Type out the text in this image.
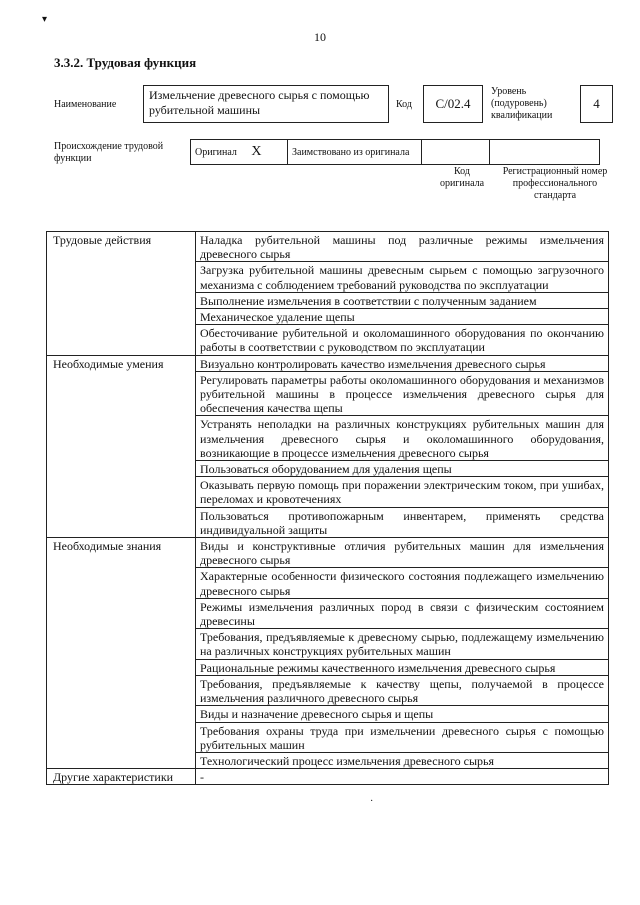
▾
10
3.3.2. Трудовая функция
Наименование
Измельчение древесного сырья с помощью рубительной машины	Код	С/02.4
Уровень (подуровень) квалификации
4
Происхождение трудовой функции
Оригинал X	Заимствовано из оригинала		
Код оригинала
Регистрационный номер профессионального стандарта
Трудовые действия	Наладка рубительной машины под различные режимы измельчения древесного сырья
	Загрузка рубительной машины древесным сырьем с помощью загрузочного механизма с соблюдением требований руководства по эксплуатации
	Выполнение измельчения в соответствии с полученным заданием
	Механическое удаление щепы
	Обесточивание рубительной и околомашинного оборудования по окончанию работы в соответствии с руководством по эксплуатации
Необходимые умения	Визуально контролировать качество измельчения древесного сырья
	Регулировать параметры работы околомашинного оборудования и механизмов рубительной машины в процессе измельчения древесного сырья для обеспечения качества щепы
	Устранять неполадки на различных конструкциях рубительных машин для измельчения древесного сырья и околомашинного оборудования, возникающие в процессе измельчения древесного сырья
	Пользоваться оборудованием для удаления щепы
	Оказывать первую помощь при поражении электрическим током, при ушибах, переломах и кровотечениях
	Пользоваться противопожарным инвентарем, применять средства индивидуальной защиты
Необходимые знания	Виды и конструктивные отличия рубительных машин для измельчения древесного сырья
	Характерные особенности физического состояния подлежащего измельчению древесного сырья
	Режимы измельчения различных пород в связи с физическим состоянием древесины
	Требования, предъявляемые к древесному сырью, подлежащему измельчению на различных конструкциях рубительных машин
	Рациональные режимы качественного измельчения древесного сырья
	Требования, предъявляемые к качеству щепы, получаемой в процессе измельчения различного древесного сырья
	Виды и назначение древесного сырья и щепы
	Требования охраны труда при измельчении древесного сырья с помощью рубительных машин
	Технологический процесс измельчения древесного сырья
Другие характеристики	-
·
